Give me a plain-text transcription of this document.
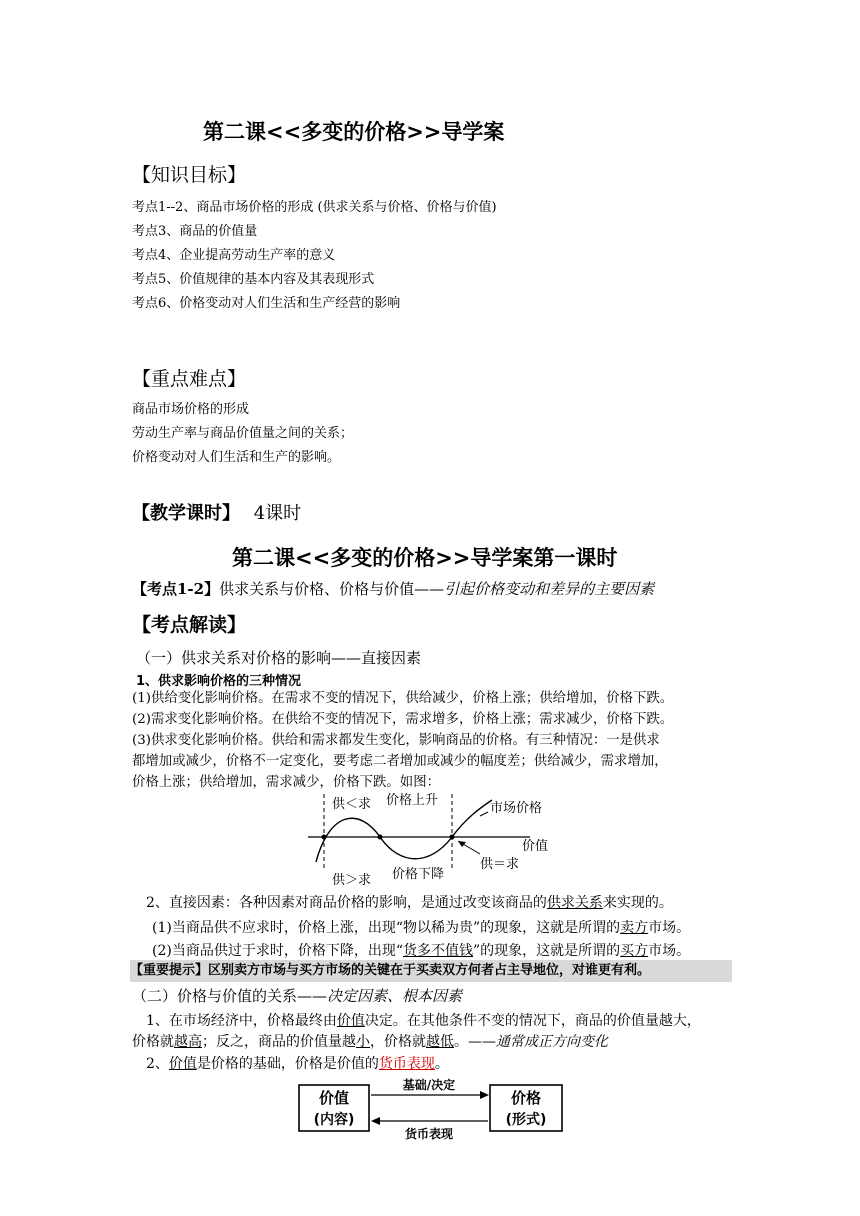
第二课<<多变的价格>>导学案
【知识目标】
考点1--2、商品市场价格的形成 (供求关系与价格、价格与价值)
考点3、商品的价值量
考点4、企业提高劳动生产率的意义
考点5、价值规律的基本内容及其表现形式
考点6、价格变动对人们生活和生产经营的影响
【重点难点】
商品市场价格的形成
劳动生产率与商品价值量之间的关系；
价格变动对人们生活和生产的影响。
【教学课时】 4课时
第二课<<多变的价格>>导学案第一课时
【考点1-2】供求关系与价格、价格与价值——引起价格变动和差异的主要因素
【考点解读】
（一）供求关系对价格的影响——直接因素
1、供求影响价格的三种情况
(1)供给变化影响价格。在需求不变的情况下，供给减少，价格上涨；供给增加，价格下跌。
(2)需求变化影响价格。在供给不变的情况下，需求增多，价格上涨；需求减少，价格下跌。
(3)供求变化影响价格。供给和需求都发生变化，影响商品的价格。有三种情况：一是供求
都增加或减少，价格不一定变化，要考虑二者增加或减少的幅度差；供给减少，需求增加，
价格上涨；供给增加，需求减少，价格下跌。如图：
供＜求 价格上升
市场价格
价值
供＞求 价格下降
供＝求
2、直接因素：各种因素对商品价格的影响，是通过改变该商品的供求关系来实现的。
(1)当商品供不应求时，价格上涨，出现“物以稀为贵”的现象，这就是所谓的卖方市场。
(2)当商品供过于求时，价格下降，出现“货多不值钱”的现象，这就是所谓的买方市场。
【重要提示】区别卖方市场与买方市场的关键在于买卖双方何者占主导地位，对谁更有利。
（二）价格与价值的关系——决定因素、根本因素
1、在市场经济中，价格最终由价值决定。在其他条件不变的情况下，商品的价值量越大，
价格就越高；反之，商品的价值量越小，价格就越低。——通常成正方向变化
2、价值是价格的基础，价格是价值的货币表现。
价值
(内容)
价格
(形式)
基础/决定
货币表现
